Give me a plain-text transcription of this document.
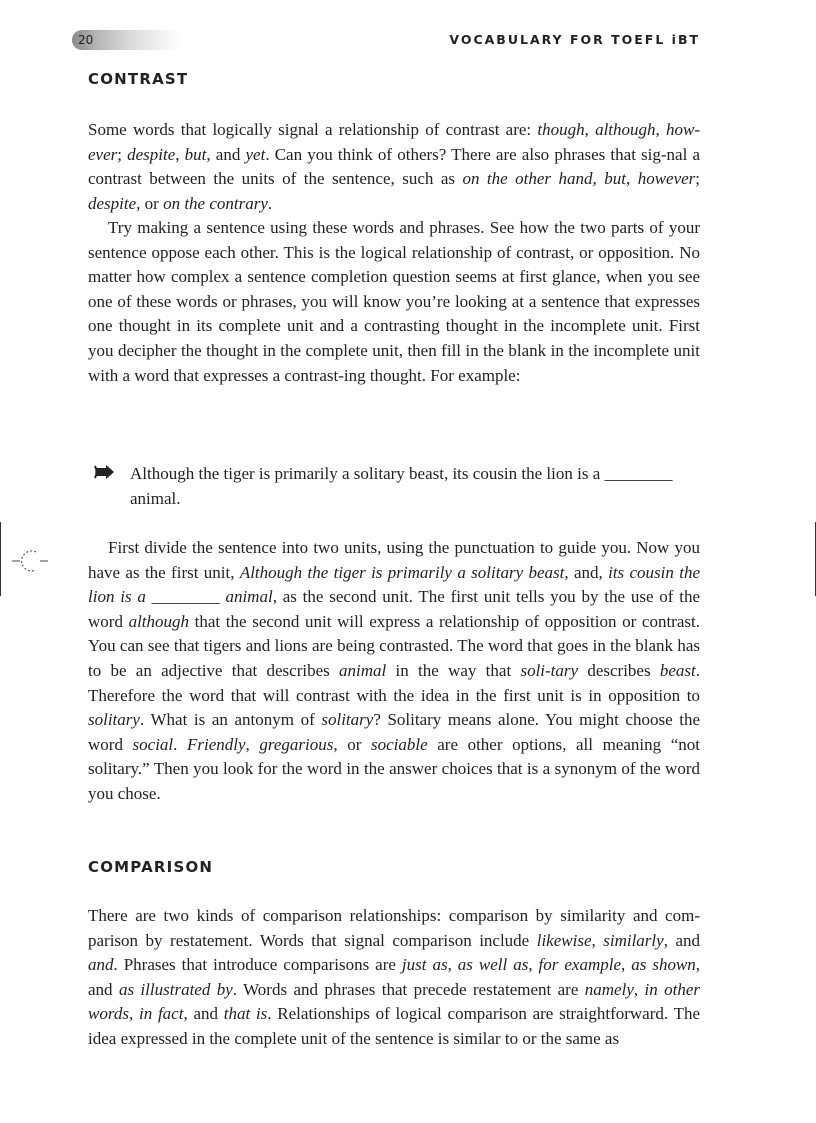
20	VOCABULARY FOR TOEFL iBT
CONTRAST

Some words that logically signal a relationship of contrast are: though, although, how-ever; despite, but, and yet. Can you think of others? There are also phrases that sig-nal a contrast between the units of the sentence, such as on the other hand, but, however; despite, or on the contrary.

Try making a sentence using these words and phrases. See how the two parts of your sentence oppose each other. This is the logical relationship of contrast, or opposition. No matter how complex a sentence completion question seems at first glance, when you see one of these words or phrases, you will know you’re looking at a sentence that expresses one thought in its complete unit and a contrasting thought in the incomplete unit. First you decipher the thought in the complete unit, then fill in the blank in the incomplete unit with a word that expresses a contrast-ing thought. For example:

Although the tiger is primarily a solitary beast, its cousin the lion is a ________ animal.

First divide the sentence into two units, using the punctuation to guide you. Now you have as the first unit, Although the tiger is primarily a solitary beast, and, its cousin the lion is a ________ animal, as the second unit. The first unit tells you by the use of the word although that the second unit will express a relationship of opposition or contrast. You can see that tigers and lions are being contrasted. The word that goes in the blank has to be an adjective that describes animal in the way that soli-tary describes beast. Therefore the word that will contrast with the idea in the first unit is in opposition to solitary. What is an antonym of solitary? Solitary means alone. You might choose the word social. Friendly, gregarious, or sociable are other options, all meaning “not solitary.” Then you look for the word in the answer choices that is a synonym of the word you chose.

COMPARISON

There are two kinds of comparison relationships: comparison by similarity and com-parison by restatement. Words that signal comparison include likewise, similarly, and and. Phrases that introduce comparisons are just as, as well as, for example, as shown, and as illustrated by. Words and phrases that precede restatement are namely, in other words, in fact, and that is. Relationships of logical comparison are straightforward. The idea expressed in the complete unit of the sentence is similar to or the same as
